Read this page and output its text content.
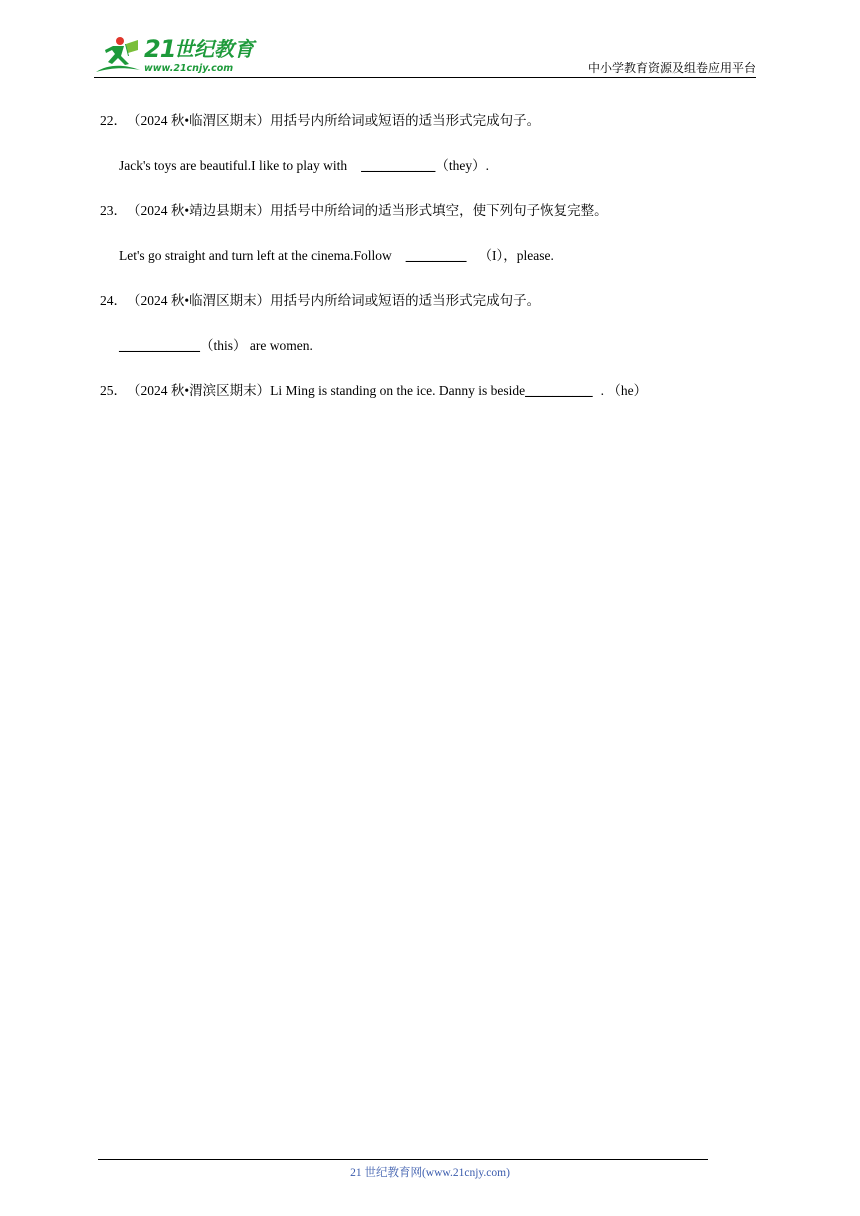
21
世纪教育
www.21cnjy.com	中小学教育资源及组卷应用平台
22．（2024 秋•临渭区期末）用括号内所给词或短语的适当形式完成句子。
Jack's toys are beautiful.I like to play with ___________（they）.
23．（2024 秋•靖边县期末）用括号中所给词的适当形式填空，使下列句子恢复完整。
Let's go straight and turn left at the cinema.Follow _________ （I），please.
24．（2024 秋•临渭区期末）用括号内所给词或短语的适当形式完成句子。
____________（this） are women.
25．（2024 秋•渭滨区期末）Li Ming is standing on the ice. Danny is beside__________ . （he）
21 世纪教育网(www.21cnjy.com)
